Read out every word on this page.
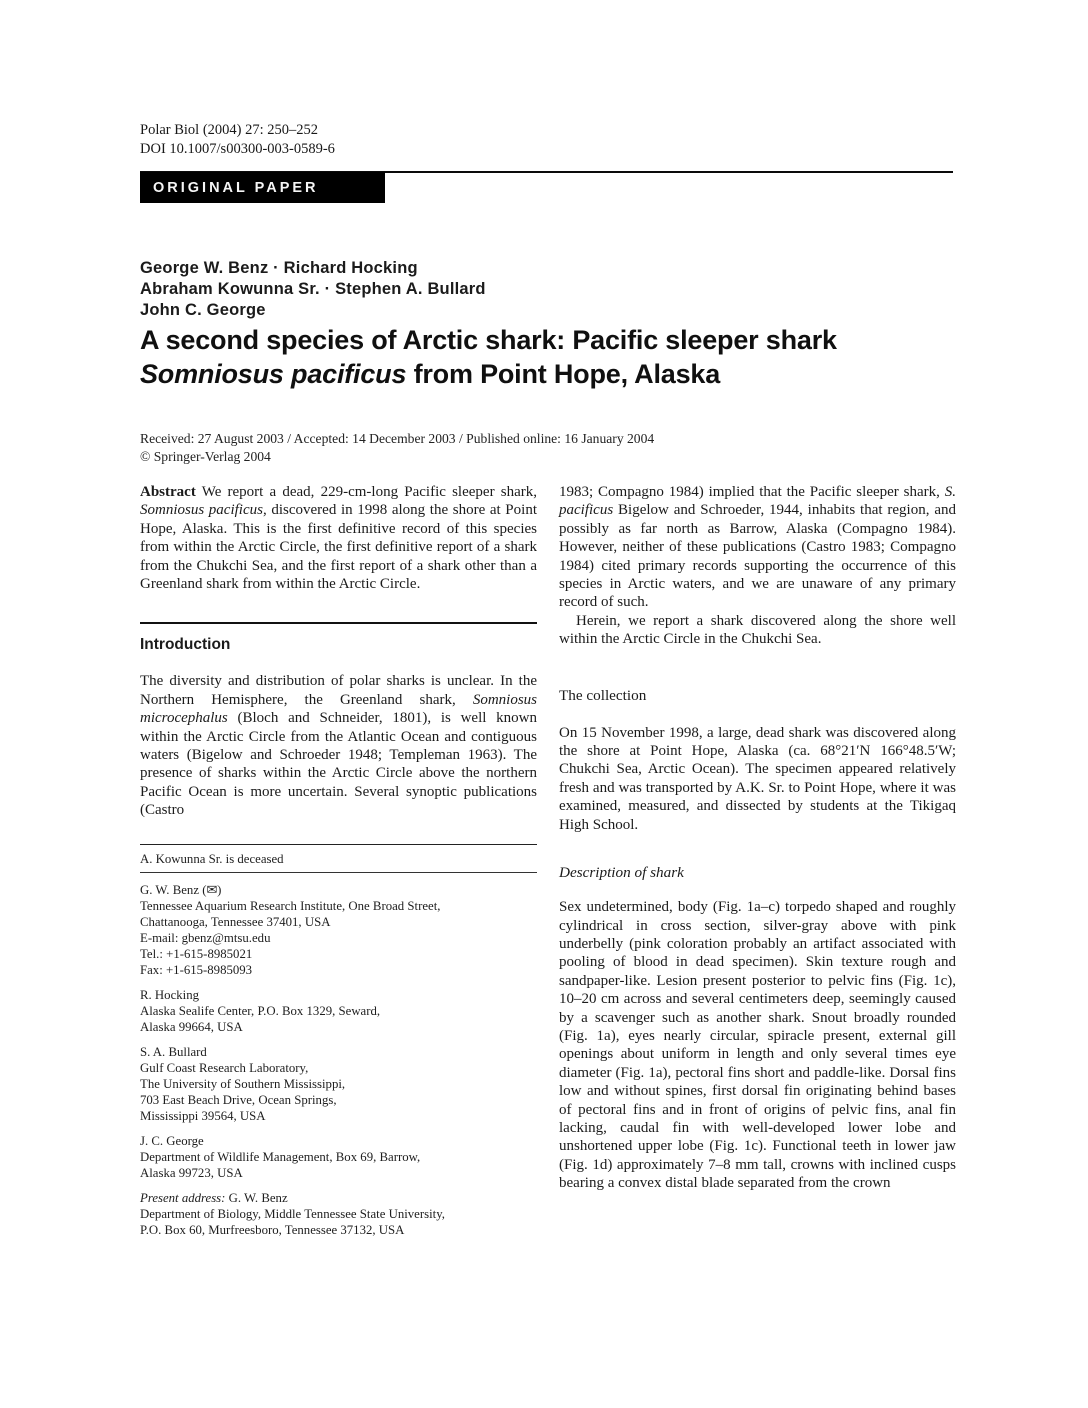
Polar Biol (2004) 27: 250–252
DOI 10.1007/s00300-003-0589-6
ORIGINAL PAPER
George W. Benz · Richard Hocking
Abraham Kowunna Sr. · Stephen A. Bullard
John C. George
A second species of Arctic shark: Pacific sleeper shark
Somniosus pacificus from Point Hope, Alaska
Received: 27 August 2003 / Accepted: 14 December 2003 / Published online: 16 January 2004
© Springer-Verlag 2004

Abstract We report a dead, 229-cm-long Pacific sleeper shark, Somniosus pacificus, discovered in 1998 along the shore at Point Hope, Alaska. This is the first definitive record of this species from within the Arctic Circle, the first definitive report of a shark from the Chukchi Sea, and the first report of a shark other than a Greenland shark from within the Arctic Circle.

Introduction

The diversity and distribution of polar sharks is unclear. In the Northern Hemisphere, the Greenland shark, Somniosus microcephalus (Bloch and Schneider, 1801), is well known within the Arctic Circle from the Atlantic Ocean and contiguous waters (Bigelow and Schroeder 1948; Templeman 1963). The presence of sharks within the Arctic Circle above the northern Pacific Ocean is more uncertain. Several synoptic publications (Castro

A. Kowunna Sr. is deceased
G. W. Benz (✉)
Tennessee Aquarium Research Institute, One Broad Street,
Chattanooga, Tennessee 37401, USA
E-mail: gbenz@mtsu.edu
Tel.: +1-615-8985021
Fax: +1-615-8985093
R. Hocking
Alaska Sealife Center, P.O. Box 1329, Seward,
Alaska 99664, USA
S. A. Bullard
Gulf Coast Research Laboratory,
The University of Southern Mississippi,
703 East Beach Drive, Ocean Springs,
Mississippi 39564, USA
J. C. George
Department of Wildlife Management, Box 69, Barrow,
Alaska 99723, USA
Present address: G. W. Benz
Department of Biology, Middle Tennessee State University,
P.O. Box 60, Murfreesboro, Tennessee 37132, USA

1983; Compagno 1984) implied that the Pacific sleeper shark, S. pacificus Bigelow and Schroeder, 1944, inhabits that region, and possibly as far north as Barrow, Alaska (Compagno 1984). However, neither of these publications (Castro 1983; Compagno 1984) cited primary records supporting the occurrence of this species in Arctic waters, and we are unaware of any primary record of such.

Herein, we report a shark discovered along the shore well within the Arctic Circle in the Chukchi Sea.

The collection

On 15 November 1998, a large, dead shark was discovered along the shore at Point Hope, Alaska (ca. 68°21′N 166°48.5′W; Chukchi Sea, Arctic Ocean). The specimen appeared relatively fresh and was transported by A.K. Sr. to Point Hope, where it was examined, measured, and dissected by students at the Tikigaq High School.

Description of shark

Sex undetermined, body (Fig. 1a–c) torpedo shaped and roughly cylindrical in cross section, silver-gray above with pink underbelly (pink coloration probably an artifact associated with pooling of blood in dead specimen). Skin texture rough and sandpaper-like. Lesion present posterior to pelvic fins (Fig. 1c), 10–20 cm across and several centimeters deep, seemingly caused by a scavenger such as another shark. Snout broadly rounded (Fig. 1a), eyes nearly circular, spiracle present, external gill openings about uniform in length and only several times eye diameter (Fig. 1a), pectoral fins short and paddle-like. Dorsal fins low and without spines, first dorsal fin originating behind bases of pectoral fins and in front of origins of pelvic fins, anal fin lacking, caudal fin with well-developed lower lobe and unshortened upper lobe (Fig. 1c). Functional teeth in lower jaw (Fig. 1d) approximately 7–8 mm tall, crowns with inclined cusps bearing a convex distal blade separated from the crown
